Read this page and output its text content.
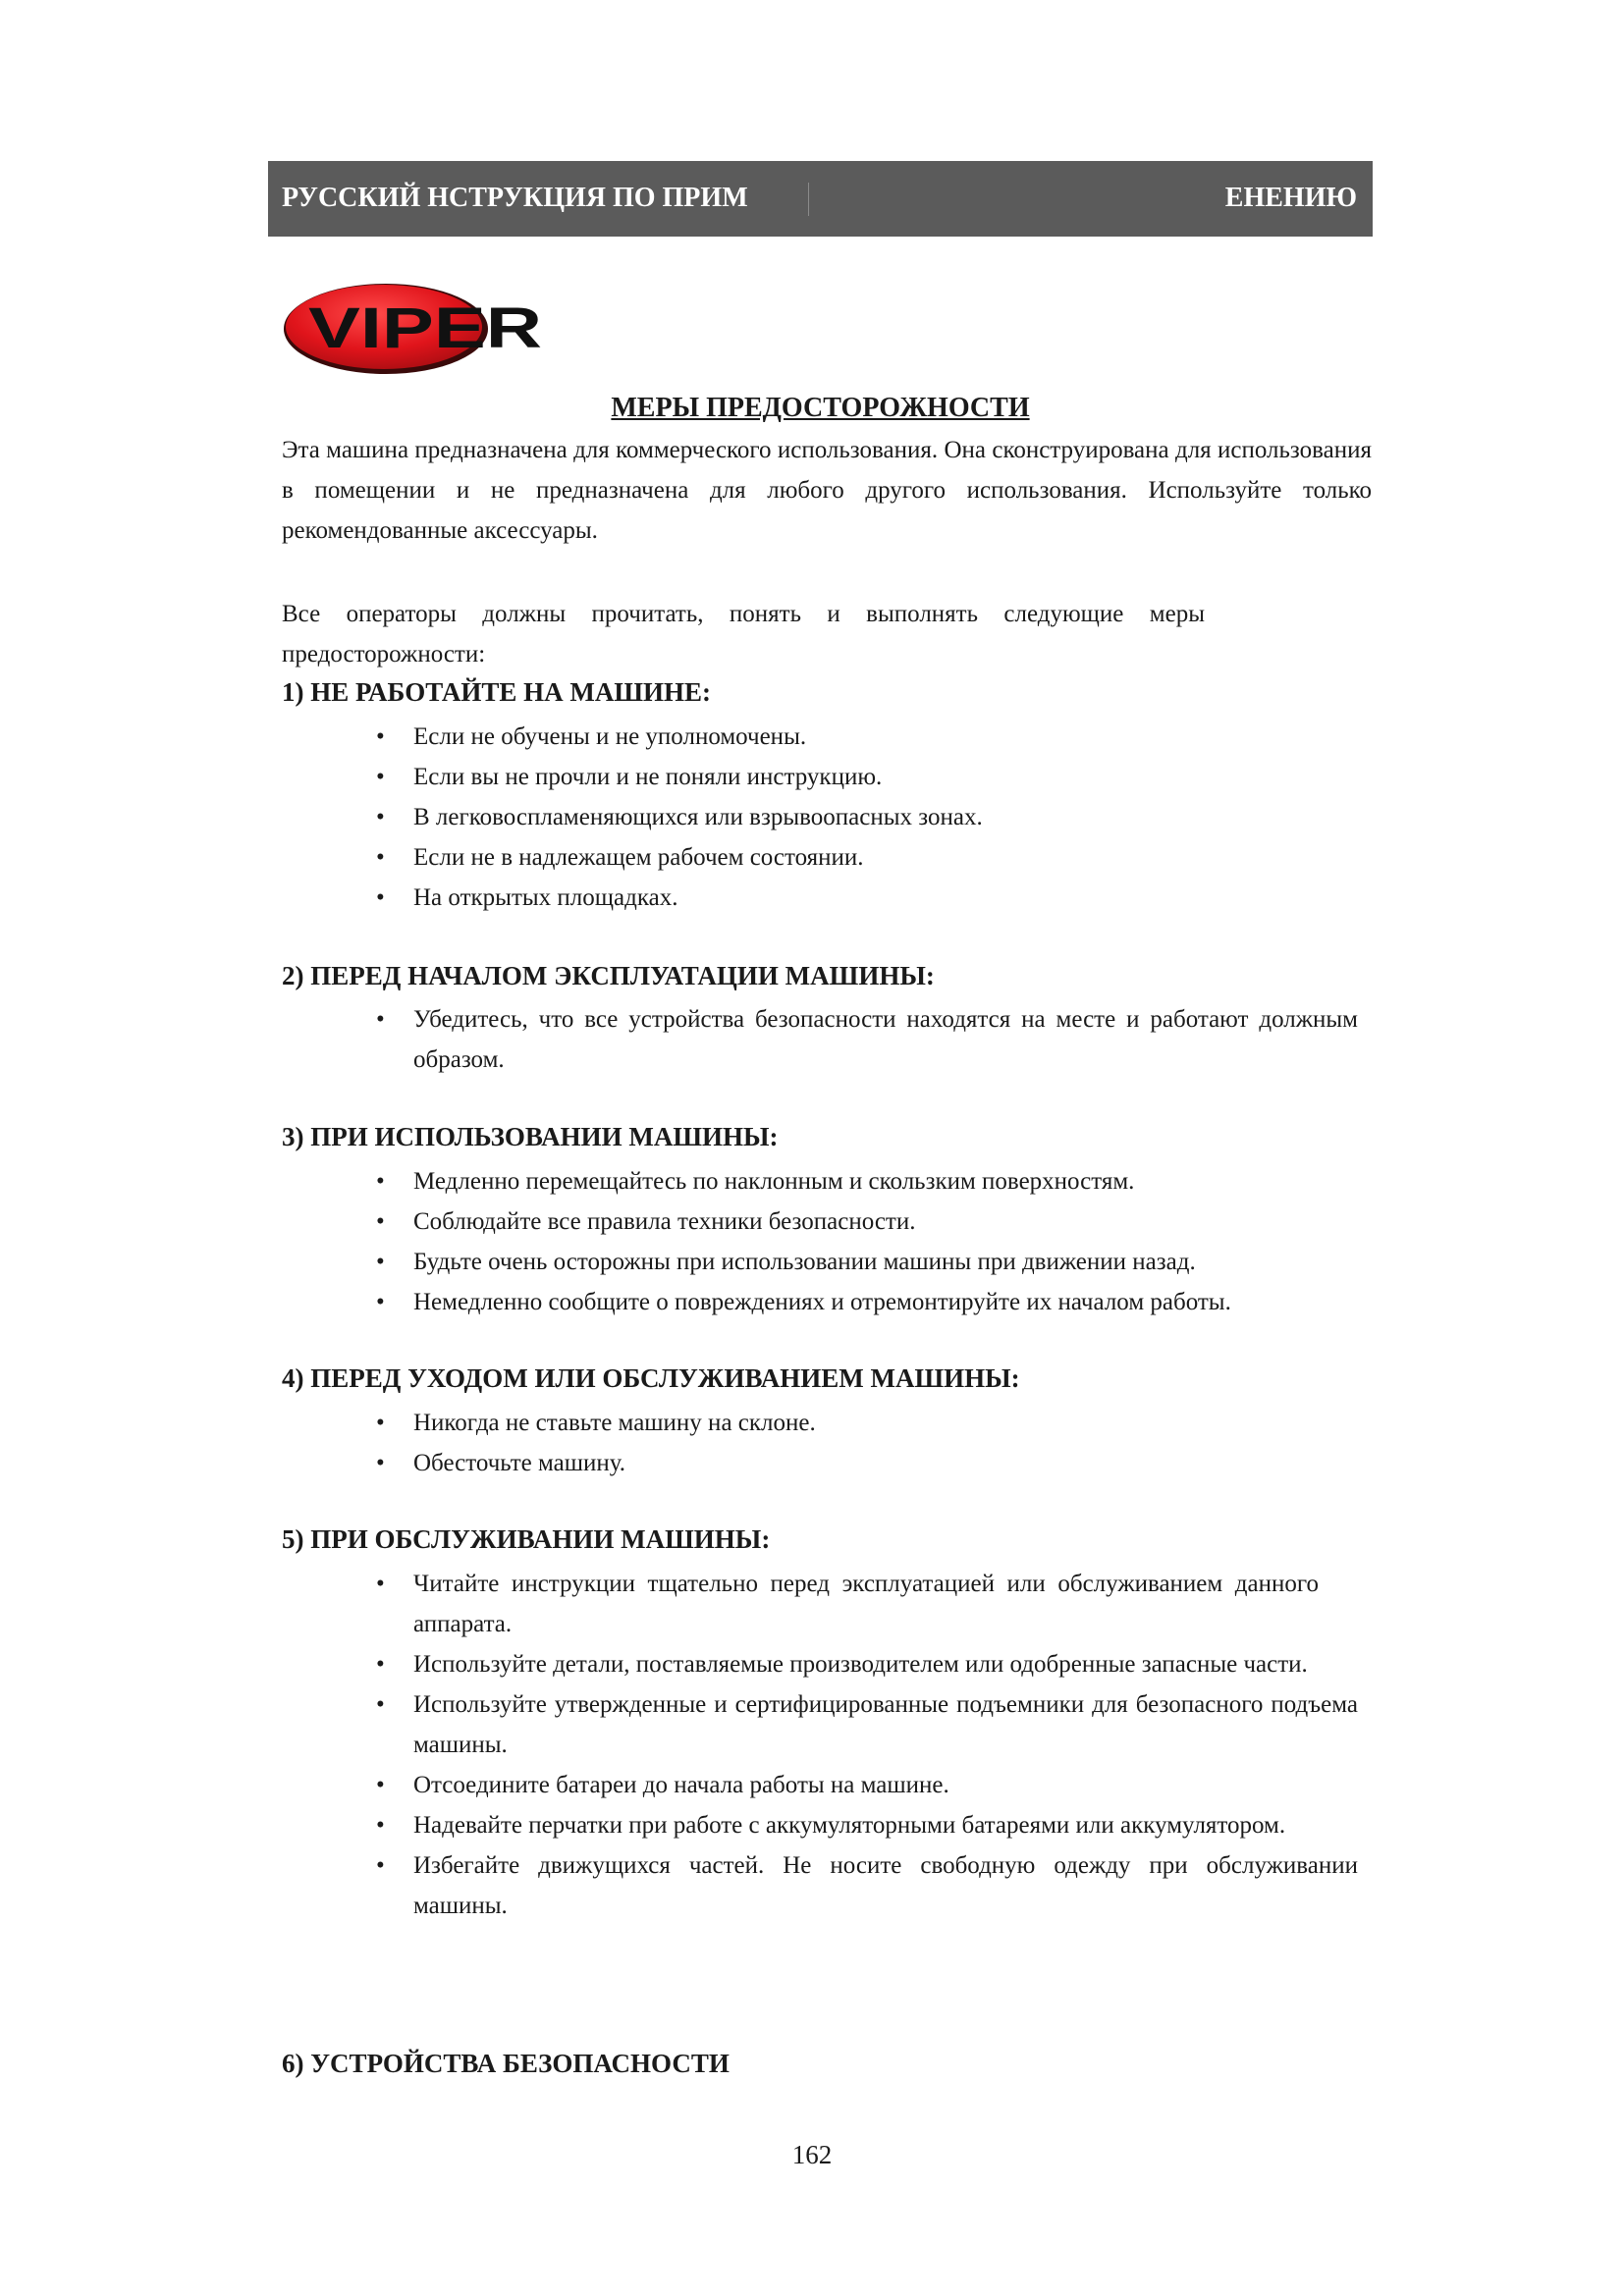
РУССКИЙ НСТРУКЦИЯ ПО ПРИМ	ЕНЕНИЮ
VIPER
МЕРЫ ПРЕДОСТОРОЖНОСТИ
Эта машина предназначена для коммерческого использования. Она сконструирована для использования в помещении и не предназначена для любого другого использования. Используйте только рекомендованные аксессуары.
Все операторы должны прочитать, понять и выполнять следующие меры предосторожности:
1) НЕ РАБОТАЙТЕ НА МАШИНЕ:
• Если не обучены и не уполномочены.
• Если вы не прочли и не поняли инструкцию.
• В легковоспламеняющихся или взрывоопасных зонах.
• Если не в надлежащем рабочем состоянии.
• На открытых площадках.
2) ПЕРЕД НАЧАЛОМ ЭКСПЛУАТАЦИИ МАШИНЫ:
• Убедитесь, что все устройства безопасности находятся на месте и работают должным образом.
3) ПРИ ИСПОЛЬЗОВАНИИ МАШИНЫ:
• Медленно перемещайтесь по наклонным и скользким поверхностям.
• Соблюдайте все правила техники безопасности.
• Будьте очень осторожны при использовании машины при движении назад.
• Немедленно сообщите о повреждениях и отремонтируйте их началом работы.
4) ПЕРЕД УХОДОМ ИЛИ ОБСЛУЖИВАНИЕМ МАШИНЫ:
• Никогда не ставьте машину на склоне.
• Обесточьте машину.
5) ПРИ ОБСЛУЖИВАНИИ МАШИНЫ:
• Читайте инструкции тщательно перед эксплуатацией или обслуживанием данного аппарата.
• Используйте детали, поставляемые производителем или одобренные запасные части.
• Используйте утвержденные и сертифицированные подъемники для безопасного подъема машины.
• Отсоедините батареи до начала работы на машине.
• Надевайте перчатки при работе с аккумуляторными батареями или аккумулятором.
• Избегайте движущихся частей. Не носите свободную одежду при обслуживании машины.
6) УСТРОЙСТВА БЕЗОПАСНОСТИ
162
